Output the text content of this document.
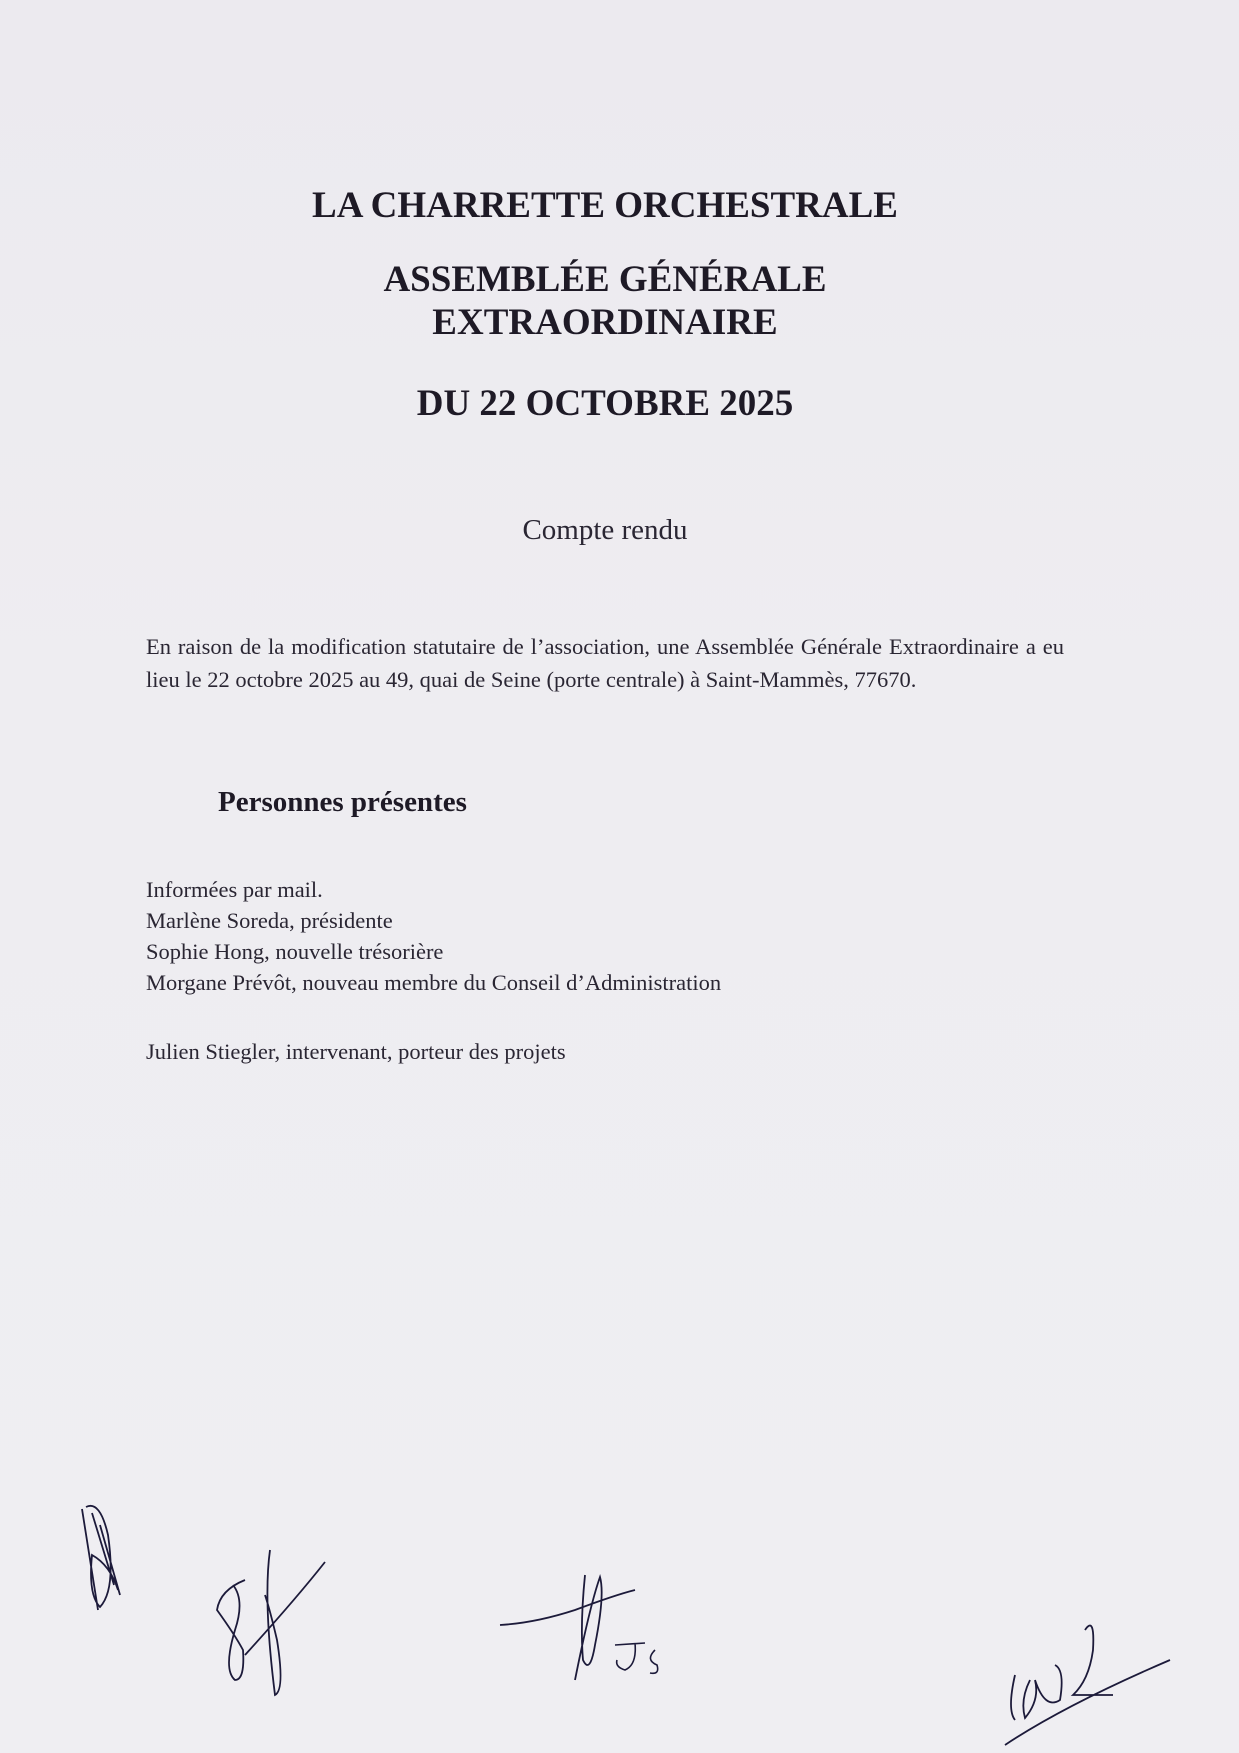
LA CHARRETTE ORCHESTRALE
ASSEMBLÉE GÉNÉRALE
EXTRAORDINAIRE
DU 22 OCTOBRE 2025
Compte rendu

En raison de la modification statutaire de l’association, une Assemblée Générale Extraordinaire a eu lieu le 22 octobre 2025 au 49, quai de Seine (porte centrale) à Saint-Mammès, 77670.

Personnes présentes
Informées par mail.
Marlène Soreda, présidente
Sophie Hong, nouvelle trésorière
Morgane Prévôt, nouveau membre du Conseil d’Administration
Julien Stiegler, intervenant, porteur des projets
